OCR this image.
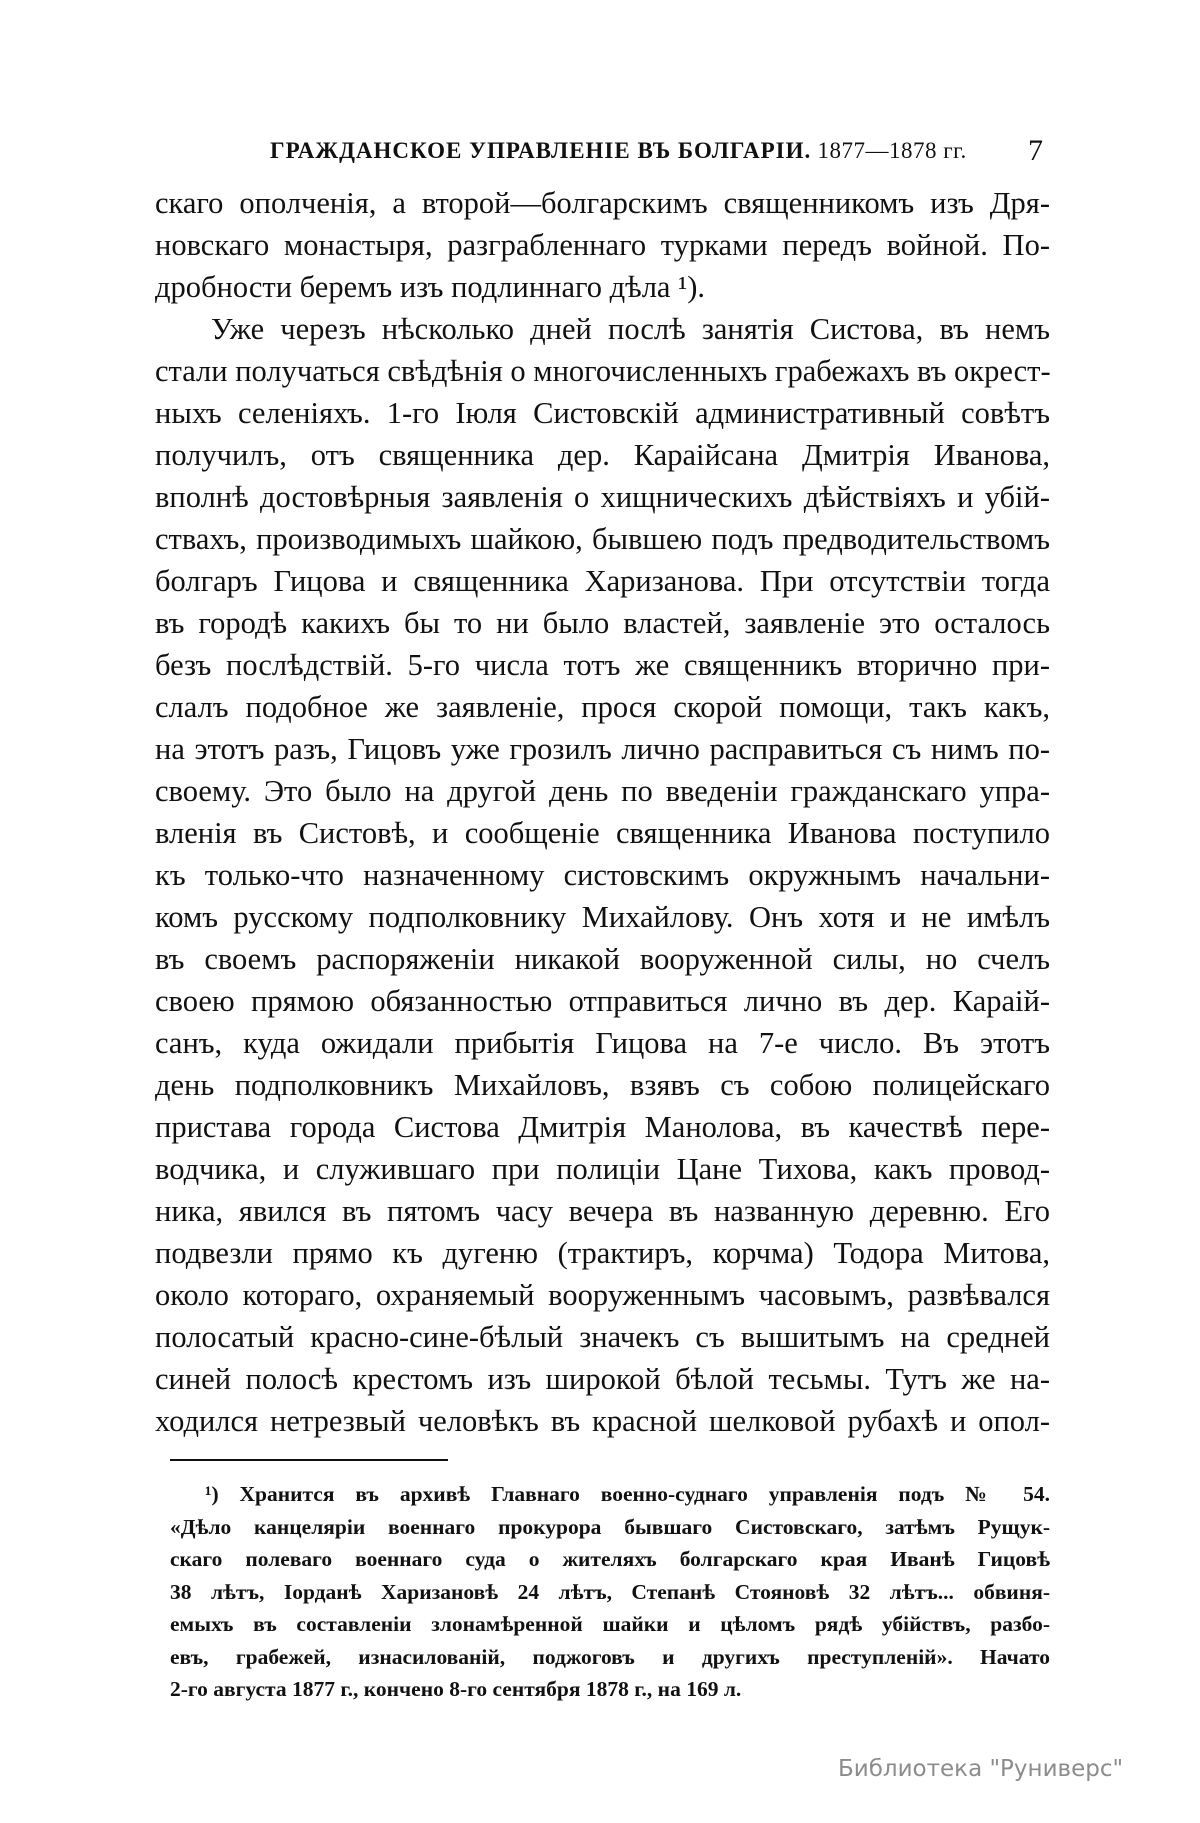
ГРАЖДАНСКОЕ УПРАВЛЕНІЕ ВЪ БОЛГАРІИ. 1877—1878 гг.	7
скаго ополченія, а второй—болгарскимъ священникомъ изъ Дря-
новскаго монастыря, разграбленнаго турками передъ войной. По-
дробности беремъ изъ подлиннаго дѣла ¹).
Уже черезъ нѣсколько дней послѣ занятія Систова, въ немъ
стали получаться свѣдѣнія о многочисленныхъ грабежахъ въ окрест-
ныхъ селеніяхъ. 1-го Іюля Систовскій административный совѣтъ
получилъ, отъ священника дер. Караійсана Дмитрія Иванова,
вполнѣ достовѣрныя заявленія о хищническихъ дѣйствіяхъ и убій-
ствахъ, производимыхъ шайкою, бывшею подъ предводительствомъ
болгаръ Гицова и священника Харизанова. При отсутствіи тогда
въ городѣ какихъ бы то ни было властей, заявленіе это осталось
безъ послѣдствій. 5-го числа тотъ же священникъ вторично при-
слалъ подобное же заявленіе, прося скорой помощи, такъ какъ,
на этотъ разъ, Гицовъ уже грозилъ лично расправиться съ нимъ по-
своему. Это было на другой день по введеніи гражданскаго упра-
вленія въ Систовѣ, и сообщеніе священника Иванова поступило
къ только-что назначенному систовскимъ окружнымъ начальни-
комъ русскому подполковнику Михайлову. Онъ хотя и не имѣлъ
въ своемъ распоряженіи никакой вооруженной силы, но счелъ
своею прямою обязанностью отправиться лично въ дер. Караій-
санъ, куда ожидали прибытія Гицова на 7-е число. Въ этотъ
день подполковникъ Михайловъ, взявъ съ собою полицейскаго
пристава города Систова Дмитрія Манолова, въ качествѣ пере-
водчика, и служившаго при полиціи Цане Тихова, какъ провод-
ника, явился въ пятомъ часу вечера въ названную деревню. Его
подвезли прямо къ дугеню (трактиръ, корчма) Тодора Митова,
около котораго, охраняемый вооруженнымъ часовымъ, развѣвался
полосатый красно-сине-бѣлый значекъ съ вышитымъ на средней
синей полосѣ крестомъ изъ широкой бѣлой тесьмы. Тутъ же на-
ходился нетрезвый человѣкъ въ красной шелковой рубахѣ и опол-
¹) Хранится въ архивѣ Главнаго военно-суднаго управленія подъ № 54.
«Дѣло канцеляріи военнаго прокурора бывшаго Систовскаго, затѣмъ Рущук-
скаго полеваго военнаго суда о жителяхъ болгарскаго края Иванѣ Гицовѣ
38 лѣтъ, Іорданѣ Харизановѣ 24 лѣтъ, Степанѣ Стояновѣ 32 лѣтъ... обвиня-
емыхъ въ составленіи злонамѣренной шайки и цѣломъ рядѣ убійствъ, разбо-
евъ, грабежей, изнасилованій, поджоговъ и другихъ преступленій». Начато
2-го августа 1877 г., кончено 8-го сентября 1878 г., на 169 л.
Библиотека "Руниверс"
